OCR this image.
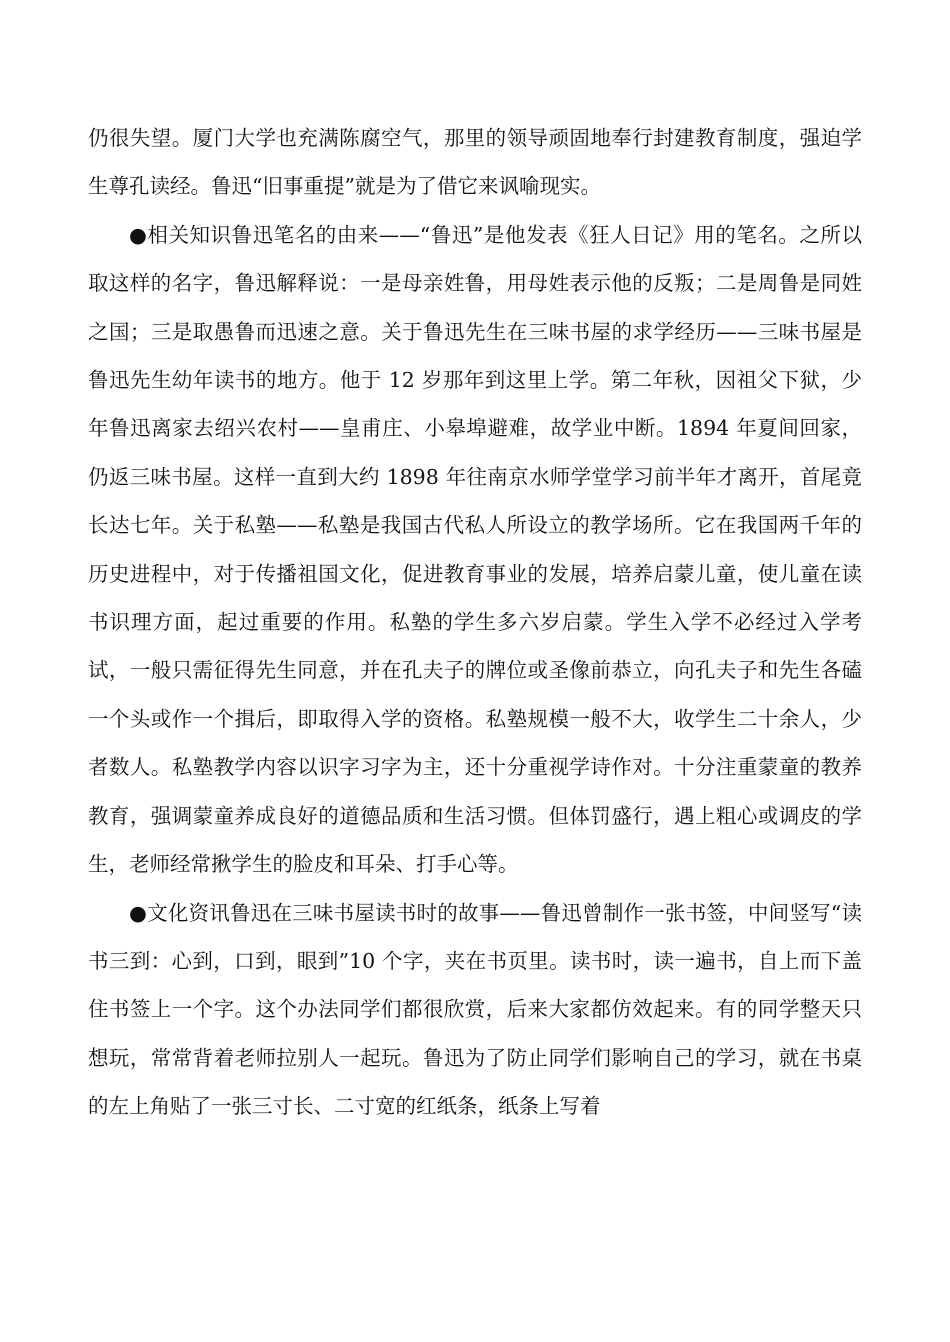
仍很失望。厦门大学也充满陈腐空气，那里的领导顽固地奉行封建教育制度，强迫学生尊孔读经。鲁迅“旧事重提”就是为了借它来讽喻现实。

●相关知识鲁迅笔名的由来——“鲁迅”是他发表《狂人日记》用的笔名。之所以取这样的名字，鲁迅解释说：一是母亲姓鲁，用母姓表示他的反叛；二是周鲁是同姓之国；三是取愚鲁而迅速之意。关于鲁迅先生在三味书屋的求学经历——三味书屋是鲁迅先生幼年读书的地方。他于 12 岁那年到这里上学。第二年秋，因祖父下狱，少年鲁迅离家去绍兴农村——皇甫庄、小皋埠避难，故学业中断。1894 年夏间回家，仍返三味书屋。这样一直到大约 1898 年往南京水师学堂学习前半年才离开，首尾竟长达七年。关于私塾——私塾是我国古代私人所设立的教学场所。它在我国两千年的历史进程中，对于传播祖国文化，促进教育事业的发展，培养启蒙儿童，使儿童在读书识理方面，起过重要的作用。私塾的学生多六岁启蒙。学生入学不必经过入学考试，一般只需征得先生同意，并在孔夫子的牌位或圣像前恭立，向孔夫子和先生各磕一个头或作一个揖后，即取得入学的资格。私塾规模一般不大，收学生二十余人，少者数人。私塾教学内容以识字习字为主，还十分重视学诗作对。十分注重蒙童的教养教育，强调蒙童养成良好的道德品质和生活习惯。但体罚盛行，遇上粗心或调皮的学生，老师经常揪学生的脸皮和耳朵、打手心等。

●文化资讯鲁迅在三味书屋读书时的故事——鲁迅曾制作一张书签，中间竖写“读书三到：心到，口到，眼到”10 个字，夹在书页里。读书时，读一遍书，自上而下盖住书签上一个字。这个办法同学们都很欣赏，后来大家都仿效起来。有的同学整天只想玩，常常背着老师拉别人一起玩。鲁迅为了防止同学们影响自己的学习，就在书桌的左上角贴了一张三寸长、二寸宽的红纸条，纸条上写着
